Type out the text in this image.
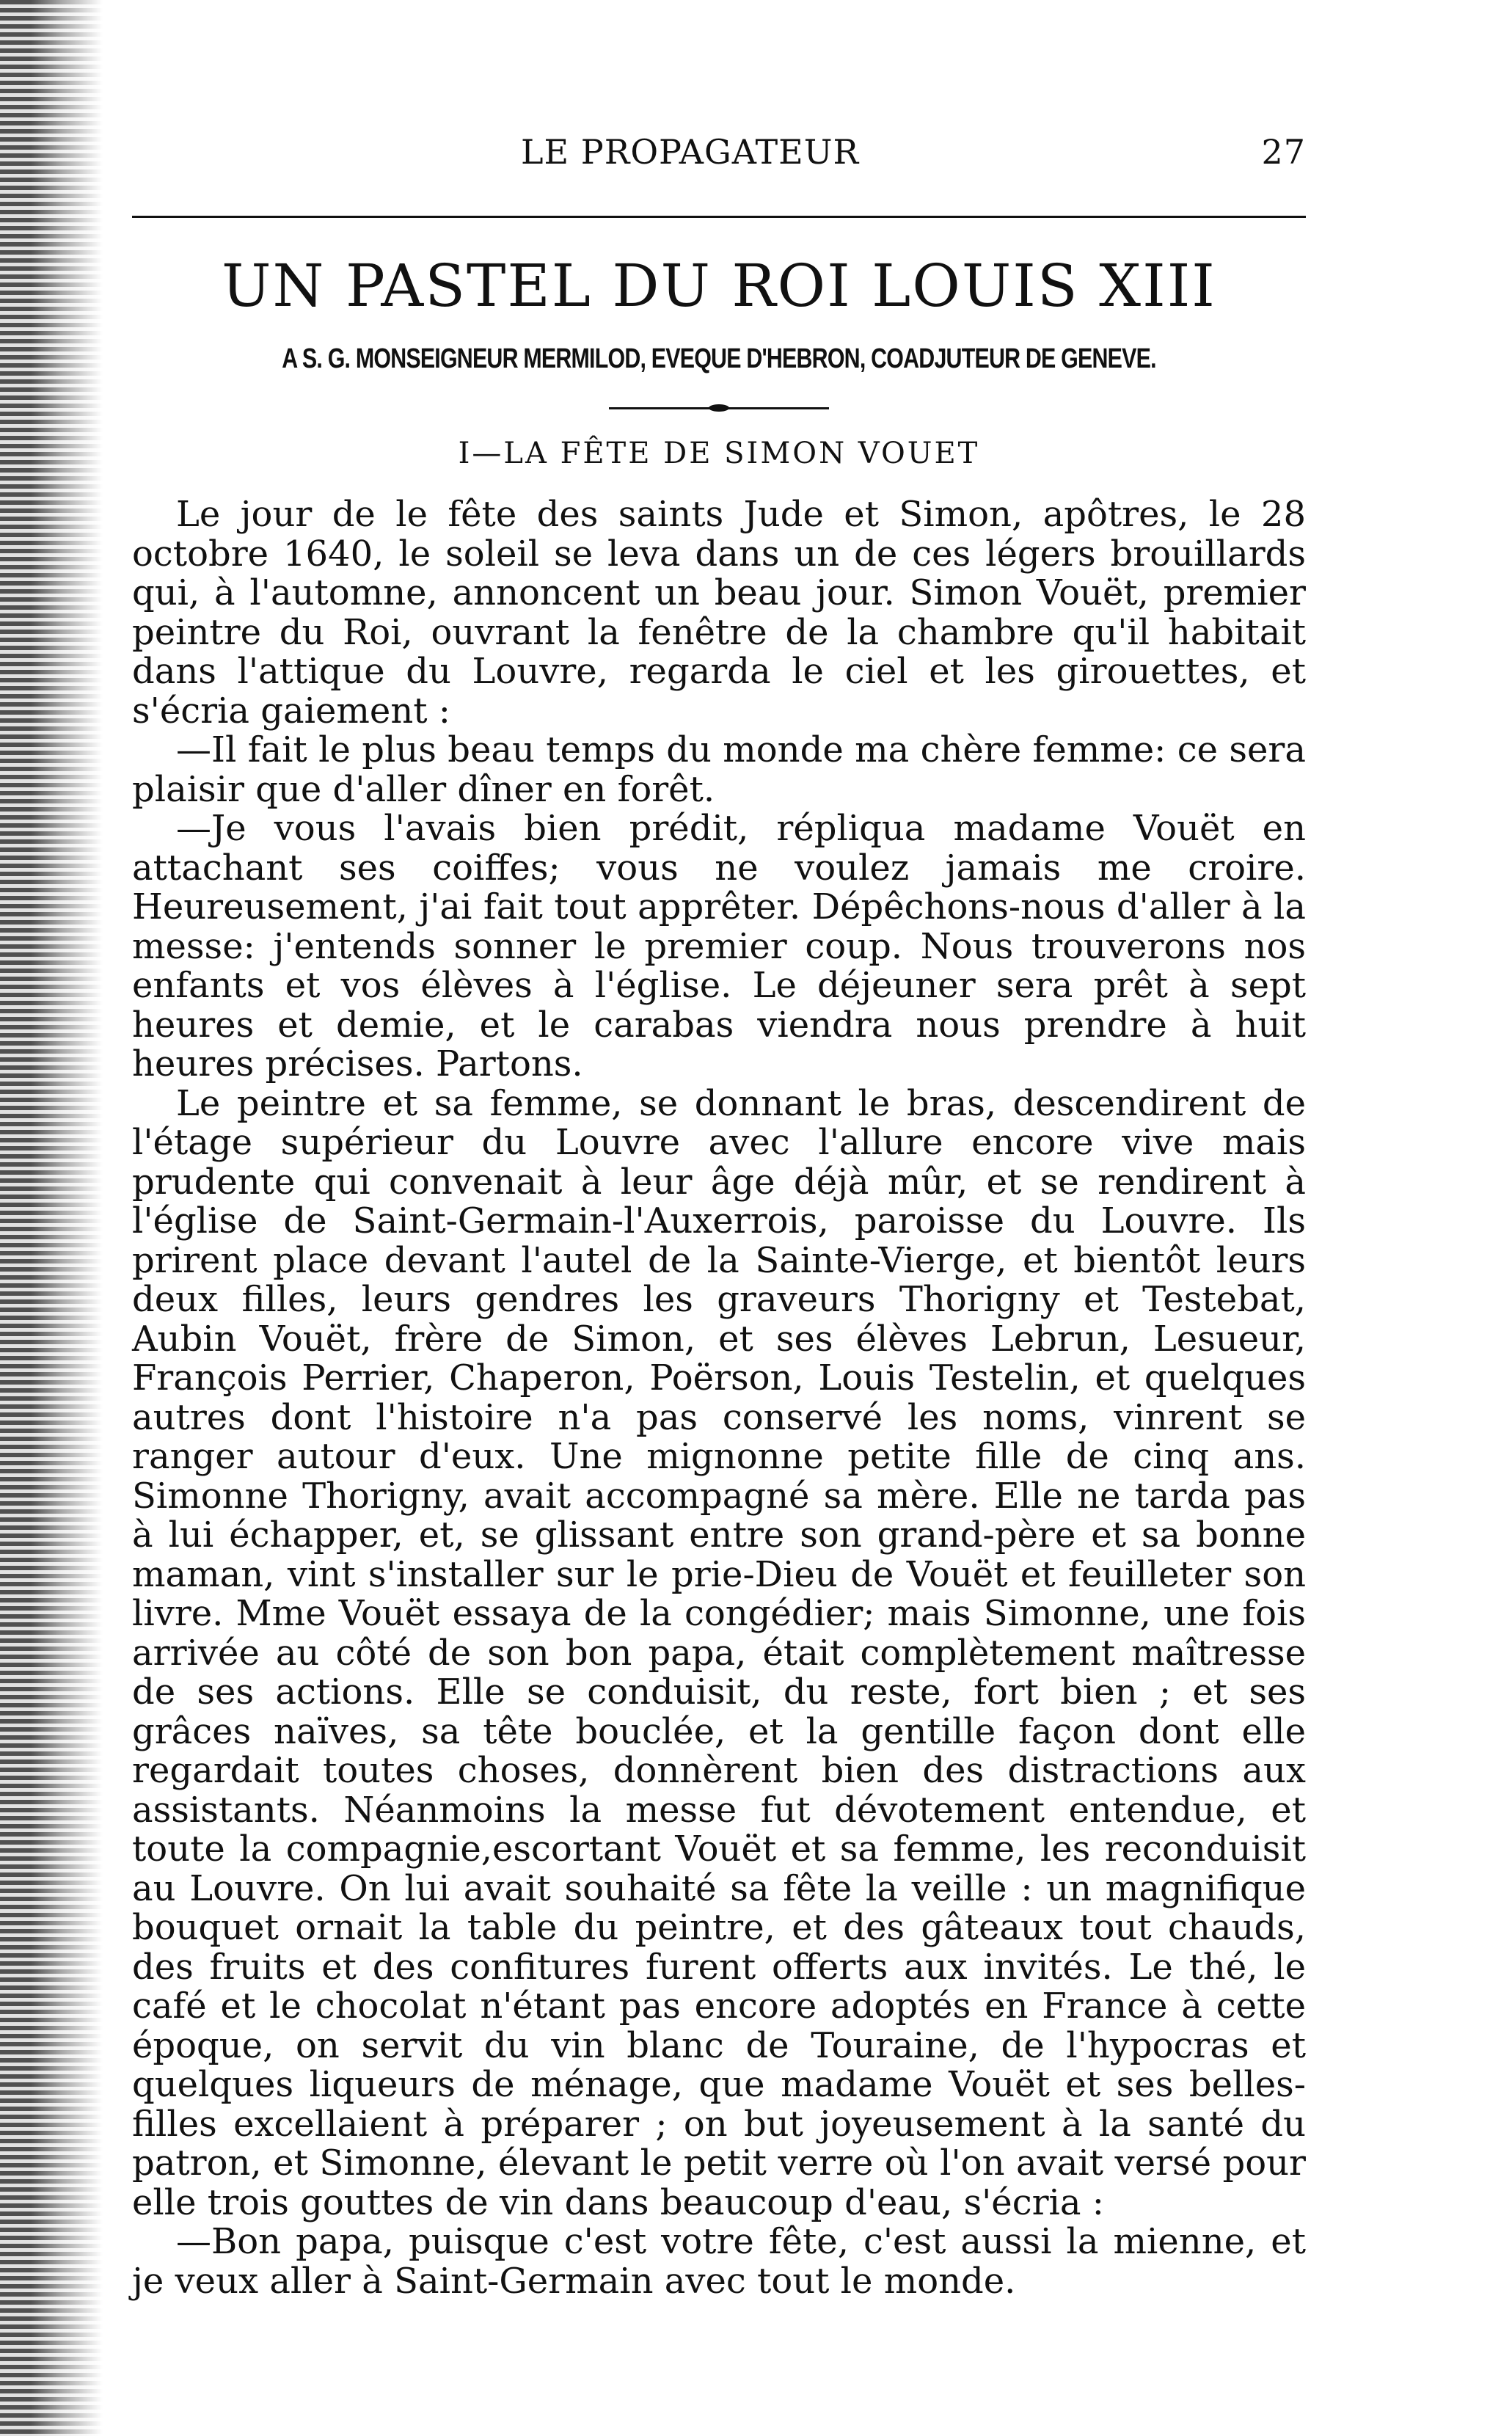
LE PROPAGATEUR	27
UN PASTEL DU ROI LOUIS XIII
A S. G. MONSEIGNEUR MERMILOD, EVEQUE D'HEBRON, COADJUTEUR DE GENEVE.
I—LA FÊTE DE SIMON VOUET

Le jour de le fête des saints Jude et Simon, apôtres, le 28 octobre 1640, le soleil se leva dans un de ces légers brouillards qui, à l'automne, annoncent un beau jour. Simon Vouët, premier peintre du Roi, ouvrant la fenêtre de la chambre qu'il habitait dans l'attique du Louvre, regarda le ciel et les girouettes, et s'écria gaiement :

—Il fait le plus beau temps du monde ma chère femme: ce sera plaisir que d'aller dîner en forêt.

—Je vous l'avais bien prédit, répliqua madame Vouët en attachant ses coiffes; vous ne voulez jamais me croire. Heureusement, j'ai fait tout apprêter. Dépêchons-nous d'aller à la messe: j'entends sonner le premier coup. Nous trouverons nos enfants et vos élèves à l'église. Le déjeuner sera prêt à sept heures et demie, et le carabas viendra nous prendre à huit heures précises. Partons.

Le peintre et sa femme, se donnant le bras, descendirent de l'étage supérieur du Louvre avec l'allure encore vive mais prudente qui convenait à leur âge déjà mûr, et se rendirent à l'église de Saint-Germain-l'Auxerrois, paroisse du Louvre. Ils prirent place devant l'autel de la Sainte-Vierge, et bientôt leurs deux filles, leurs gendres les graveurs Thorigny et Testebat, Aubin Vouët, frère de Simon, et ses élèves Lebrun, Lesueur, François Perrier, Chaperon, Poërson, Louis Testelin, et quelques autres dont l'histoire n'a pas conservé les noms, vinrent se ranger autour d'eux. Une mignonne petite fille de cinq ans. Simonne Thorigny, avait accompagné sa mère. Elle ne tarda pas à lui échapper, et, se glissant entre son grand-père et sa bonne maman, vint s'installer sur le prie-Dieu de Vouët et feuilleter son livre. Mme Vouët essaya de la congédier; mais Simonne, une fois arrivée au côté de son bon papa, était complètement maîtresse de ses actions. Elle se conduisit, du reste, fort bien ; et ses grâces naïves, sa tête bouclée, et la gentille façon dont elle regardait toutes choses, donnèrent bien des distractions aux assistants. Néanmoins la messe fut dévotement entendue, et toute la compagnie,escortant Vouët et sa femme, les reconduisit au Louvre. On lui avait souhaité sa fête la veille : un magnifique bouquet ornait la table du peintre, et des gâteaux tout chauds, des fruits et des confitures furent offerts aux invités. Le thé, le café et le chocolat n'étant pas encore adoptés en France à cette époque, on servit du vin blanc de Touraine, de l'hypocras et quelques liqueurs de ménage, que madame Vouët et ses belles-filles excellaient à préparer ; on but joyeusement à la santé du patron, et Simonne, élevant le petit verre où l'on avait versé pour elle trois gouttes de vin dans beaucoup d'eau, s'écria :

—Bon papa, puisque c'est votre fête, c'est aussi la mienne, et je veux aller à Saint-Germain avec tout le monde.
